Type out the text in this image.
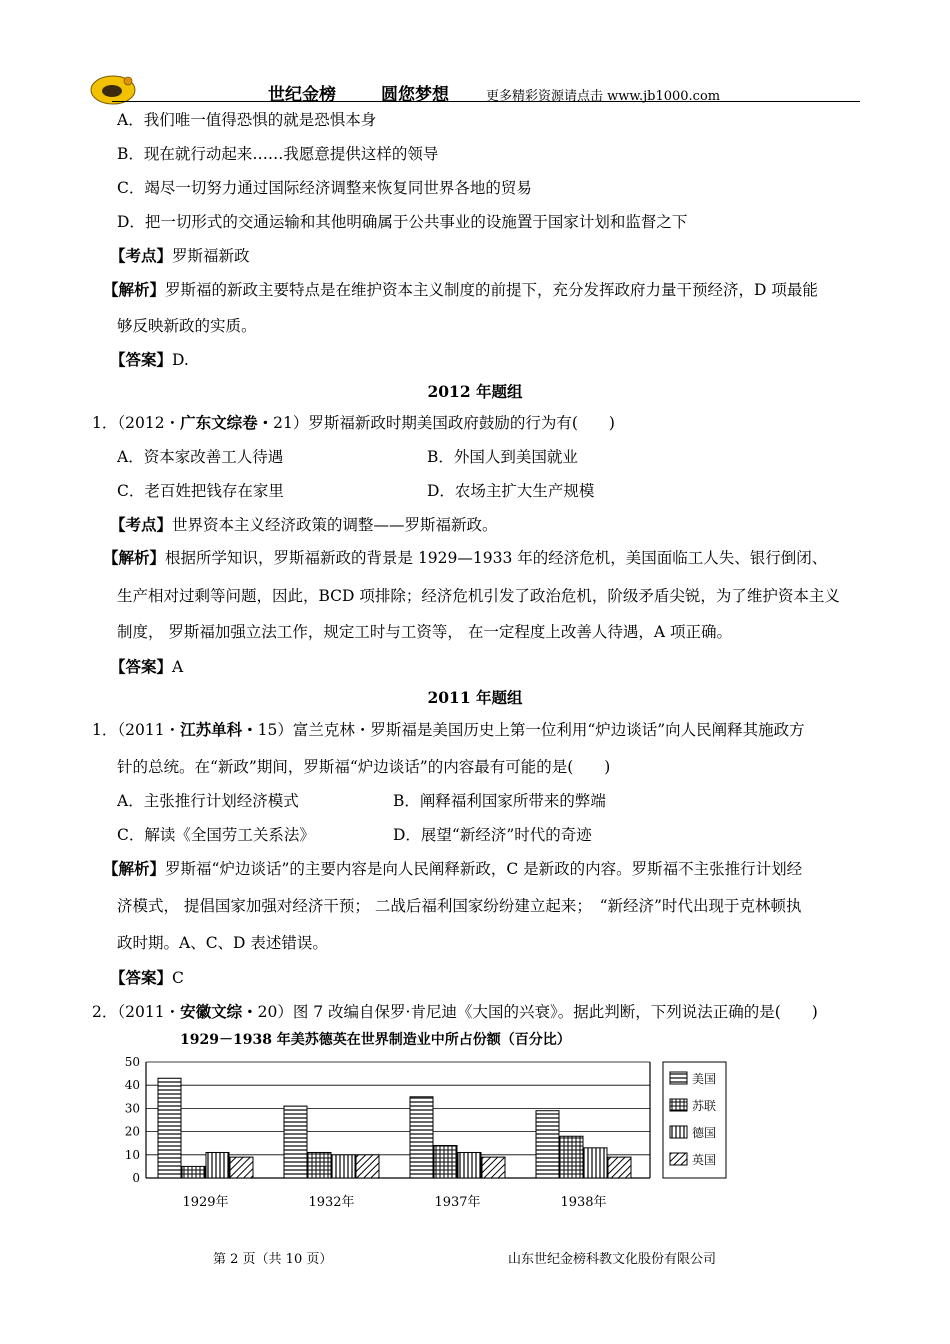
世纪金榜	圆您梦想	更多精彩资源请点击 www.jb1000.com
A．我们唯一值得恐惧的就是恐惧本身
B．现在就行动起来……我愿意提供这样的领导
C．竭尽一切努力通过国际经济调整来恢复同世界各地的贸易
D．把一切形式的交通运输和其他明确属于公共事业的设施置于国家计划和监督之下
【考点】罗斯福新政
【解析】罗斯福的新政主要特点是在维护资本主义制度的前提下，充分发挥政府力量干预经济，D 项最能
够反映新政的实质。
【答案】D.
2012 年题组
1．（2012・广东文综卷・21）罗斯福新政时期美国政府鼓励的行为有(　　)
A．资本家改善工人待遇	B．外国人到美国就业
C．老百姓把钱存在家里	D．农场主扩大生产规模
【考点】世界资本主义经济政策的调整——罗斯福新政。
【解析】根据所学知识，罗斯福新政的背景是 1929—1933 年的经济危机，美国面临工人失、银行倒闭、
生产相对过剩等问题，因此，BCD 项排除；经济危机引发了政治危机，阶级矛盾尖锐，为了维护资本主义
制度， 罗斯福加强立法工作，规定工时与工资等， 在一定程度上改善人待遇，A 项正确。
【答案】A
2011 年题组
1．（2011・江苏单科・15）富兰克林・罗斯福是美国历史上第一位利用“炉边谈话”向人民阐释其施政方
针的总统。在“新政”期间，罗斯福“炉边谈话”的内容最有可能的是(　　)
A．主张推行计划经济模式	B．阐释福利国家所带来的弊端
C．解读《全国劳工关系法》	D．展望“新经济”时代的奇迹
【解析】罗斯福“炉边谈话”的主要内容是向人民阐释新政，C 是新政的内容。罗斯福不主张推行计划经
济模式， 提倡国家加强对经济干预； 二战后福利国家纷纷建立起来；　“新经济”时代出现于克林顿执
政时期。A、C、D 表述错误。
【答案】C
2．（2011・安徽文综・20）图 7 改编自保罗·肯尼迪《大国的兴衰》。据此判断，下列说法正确的是(　　)
1929－1938 年美苏德英在世界制造业中所占份额（百分比）
0
10
20
30
40
50
1929年	1932年	1937年	1938年
美国
苏联
德国
英国
第 2 页（共 10 页）	山东世纪金榜科教文化股份有限公司
